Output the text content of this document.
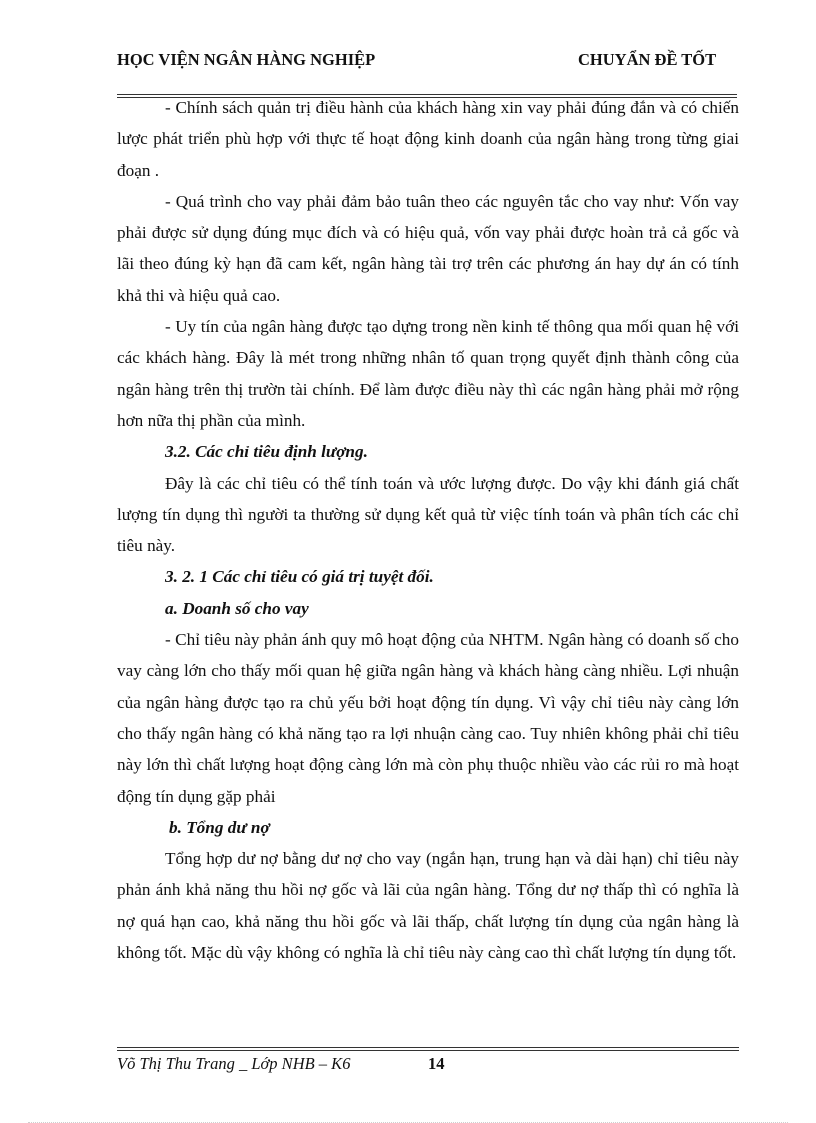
HỌC VIỆN NGÂN HÀNG NGHIỆP	CHUYẨN ĐỀ TỐT

- Chính sách quản trị điều hành của khách hàng xin vay phải đúng đắn và có chiến lược phát triển phù hợp với thực tế hoạt động kinh doanh của ngân hàng trong từng giai đoạn .

- Quá trình cho vay phải đảm bảo tuân theo các nguyên tắc cho vay như: Vốn vay phải được sử dụng đúng mục đích và có hiệu quả, vốn vay phải được hoàn trả cả gốc và lãi theo đúng kỳ hạn đã cam kết, ngân hàng tài trợ trên các phương án hay dự án có tính khả thi và hiệu quả cao.

- Uy tín của ngân hàng được tạo dựng trong nền kinh tế thông qua mối quan hệ với các khách hàng. Đây là mét trong những nhân tố quan trọng quyết định thành công của ngân hàng trên thị trườn tài chính. Để làm được điều này thì các ngân hàng phải mở rộng hơn nữa thị phần của mình.

3.2. Các chỉ tiêu định lượng.

Đây là các chỉ tiêu có thể tính toán và ước lượng được. Do vậy khi đánh giá chất lượng tín dụng thì người ta thường sử dụng kết quả từ việc tính toán và phân tích các chỉ tiêu này.

3. 2. 1 Các chỉ tiêu có giá trị tuyệt đối.

a. Doanh số cho vay

- Chỉ tiêu này phản ánh quy mô hoạt động của NHTM. Ngân hàng có doanh số cho vay càng lớn cho thấy mối quan hệ giữa ngân hàng và khách hàng càng nhiều. Lợi nhuận của ngân hàng được tạo ra chủ yếu bởi hoạt động tín dụng. Vì vậy chỉ tiêu này càng lớn cho thấy ngân hàng có khả năng tạo ra lợi nhuận càng cao. Tuy nhiên không phải chỉ tiêu này lớn thì chất lượng hoạt động càng lớn mà còn phụ thuộc nhiều vào các rủi ro mà hoạt động tín dụng gặp phải

b. Tổng dư nợ

Tổng hợp dư nợ bằng dư nợ cho vay (ngắn hạn, trung hạn và dài hạn) chỉ tiêu này phản ánh khả năng thu hồi nợ gốc và lãi của ngân hàng. Tổng dư nợ thấp thì có nghĩa là nợ quá hạn cao, khả năng thu hồi gốc và lãi thấp, chất lượng tín dụng của ngân hàng là không tốt. Mặc dù vậy không có nghĩa là chỉ tiêu này càng cao thì chất lượng tín dụng tốt.

Võ Thị Thu Trang _ Lớp NHB – K6	14
